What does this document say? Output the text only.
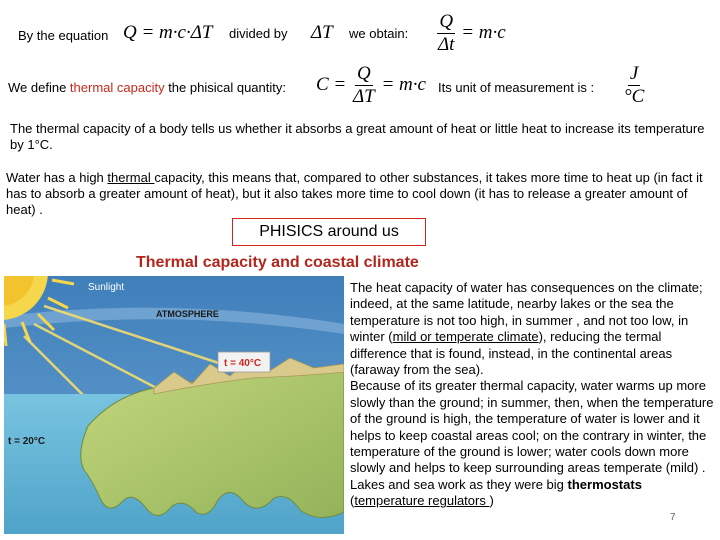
By the equation Q = m·c·ΔT divided by ΔT we obtain: $\frac{Q}{\Delta t} = m\cdot c$
We define thermal capacity the phisical quantity: $C = \frac{Q}{\Delta T} = m\cdot c$ Its unit of measurement is : $\frac{J}{^\circ C}$
The thermal capacity of a body tells us whether it absorbs a great amount of heat or little heat to increase its temperature by 1°C.
Water has a high thermal capacity, this means that, compared to other substances, it takes more time to heat up (in fact it has to absorb a greater amount of heat), but it also takes more time to cool down (it has to release a greater amount of heat) .
PHISICS around us
Thermal capacity and coastal climate
Sunlight
ATMOSPHERE
t = 40°C
t = 20°C
The heat capacity of water has consequences on the climate; indeed, at the same latitude, nearby lakes or the sea the temperature is not too high, in summer , and not too low, in winter (mild or temperate climate), reducing the termal difference that is found, instead, in the continental areas (faraway from the sea).
Because of its greater thermal capacity, water warms up more slowly than the ground; in summer, then, when the temperature of the ground is high, the temperature of water is lower and it helps to keep coastal areas cool; on the contrary in winter, the temperature of the ground is lower; water cools down more slowly and helps to keep surrounding areas temperate (mild) . Lakes and sea work as they were big thermostats (temperature regulators )
7
